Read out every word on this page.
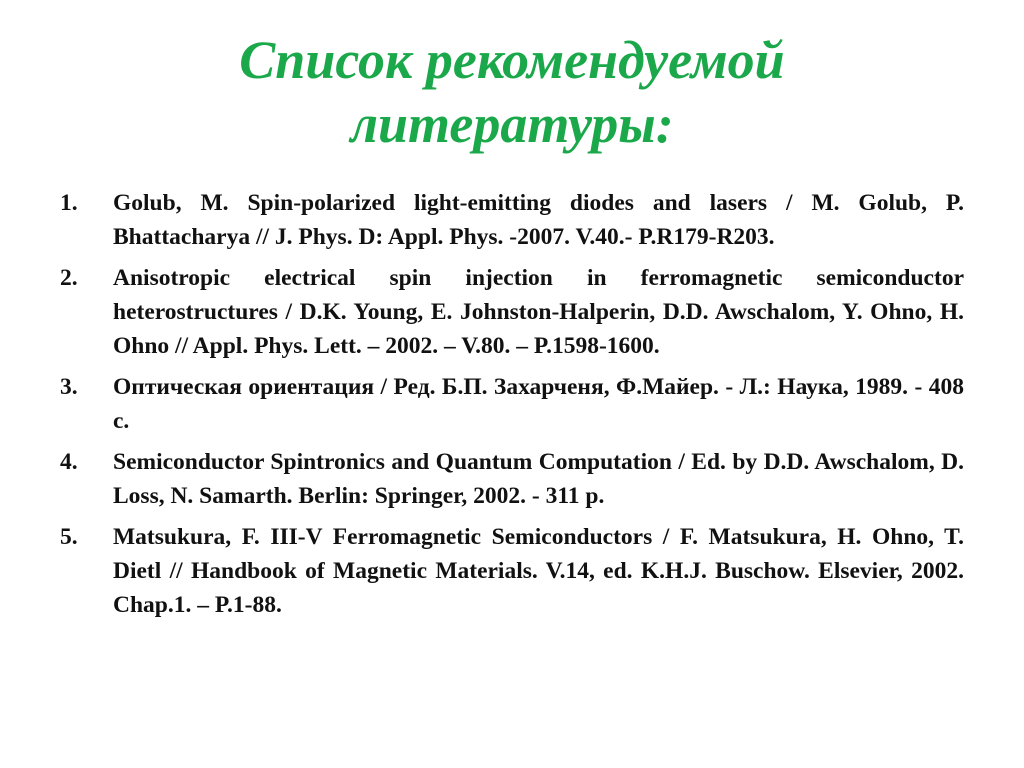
Список рекомендуемой
литературы:
1.	Golub, M. Spin-polarized light-emitting diodes and lasers / M. Golub, P. Bhattacharya // J. Phys. D: Appl. Phys. -2007. V.40.- P.R179-R203.
2.	Anisotropic electrical spin injection in ferromagnetic semiconductor heterostructures / D.K. Young, E. Johnston-Halperin, D.D. Awschalom, Y. Ohno, H. Ohno // Appl. Phys. Lett. – 2002. – V.80. – P.1598-1600.
3.	Оптическая ориентация / Ред. Б.П. Захарченя, Ф.Майер. - Л.: Наука, 1989. - 408 с.
4.	Semiconductor Spintronics and Quantum Computation / Ed. by D.D. Awschalom, D. Loss, N. Samarth. Berlin: Springer, 2002. - 311 p.
5.	Matsukura, F. III-V Ferromagnetic Semiconductors / F. Matsukura, H. Ohno, T. Dietl // Handbook of Magnetic Materials. V.14, ed. K.H.J. Buschow. Elsevier, 2002. Chap.1. – P.1-88.
